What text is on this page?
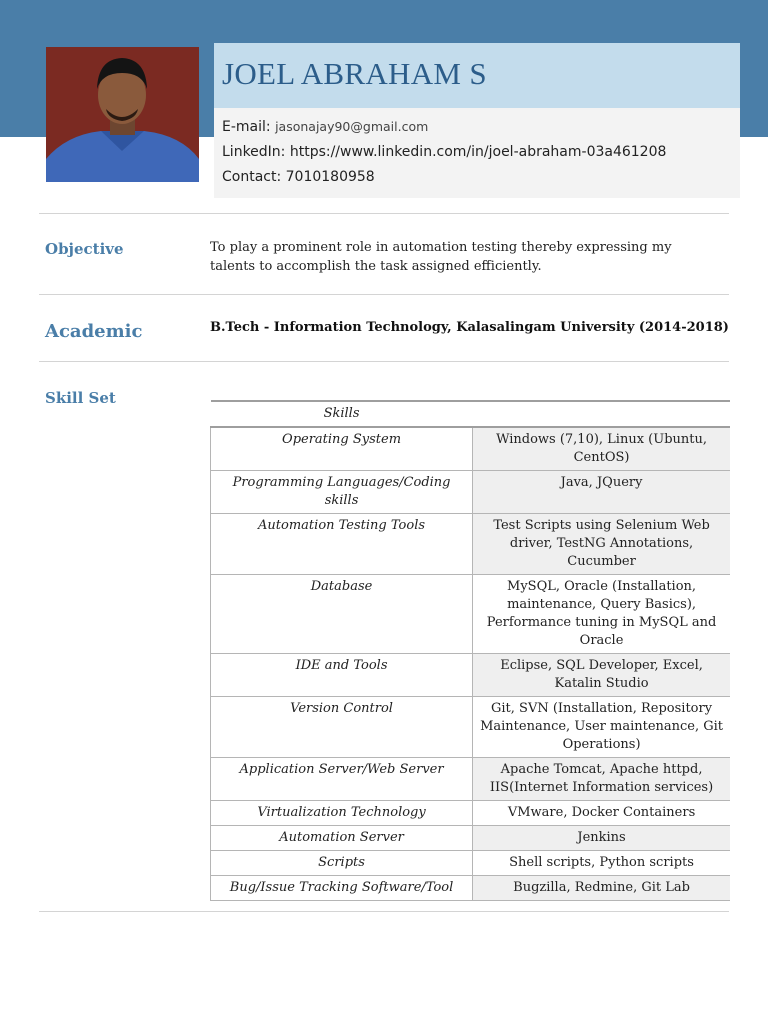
JOEL ABRAHAM S
E-mail: jasonajay90@gmail.com
LinkedIn: https://www.linkedin.com/in/joel-abraham-03a461208
Contact: 7010180958
Objective	To play a prominent role in automation testing thereby expressing my talents to accomplish the task assigned efficiently.
Academic	B.Tech - Information Technology, Kalasalingam University (2014-2018)
Skill Set
Skills	
Operating System	Windows (7,10), Linux (Ubuntu, CentOS)
Programming Languages/Coding skills	Java, JQuery
Automation Testing Tools	Test Scripts using Selenium Web driver, TestNG Annotations, Cucumber
Database	MySQL, Oracle (Installation, maintenance, Query Basics), Performance tuning in MySQL and Oracle
IDE and Tools	Eclipse, SQL Developer, Excel, Katalin Studio
Version Control	Git, SVN (Installation, Repository Maintenance, User maintenance, Git Operations)
Application Server/Web Server	Apache Tomcat, Apache httpd, IIS(Internet Information services)
Virtualization Technology	VMware, Docker Containers
Automation Server	Jenkins
Scripts	Shell scripts, Python scripts
Bug/Issue Tracking Software/Tool	Bugzilla, Redmine, Git Lab
